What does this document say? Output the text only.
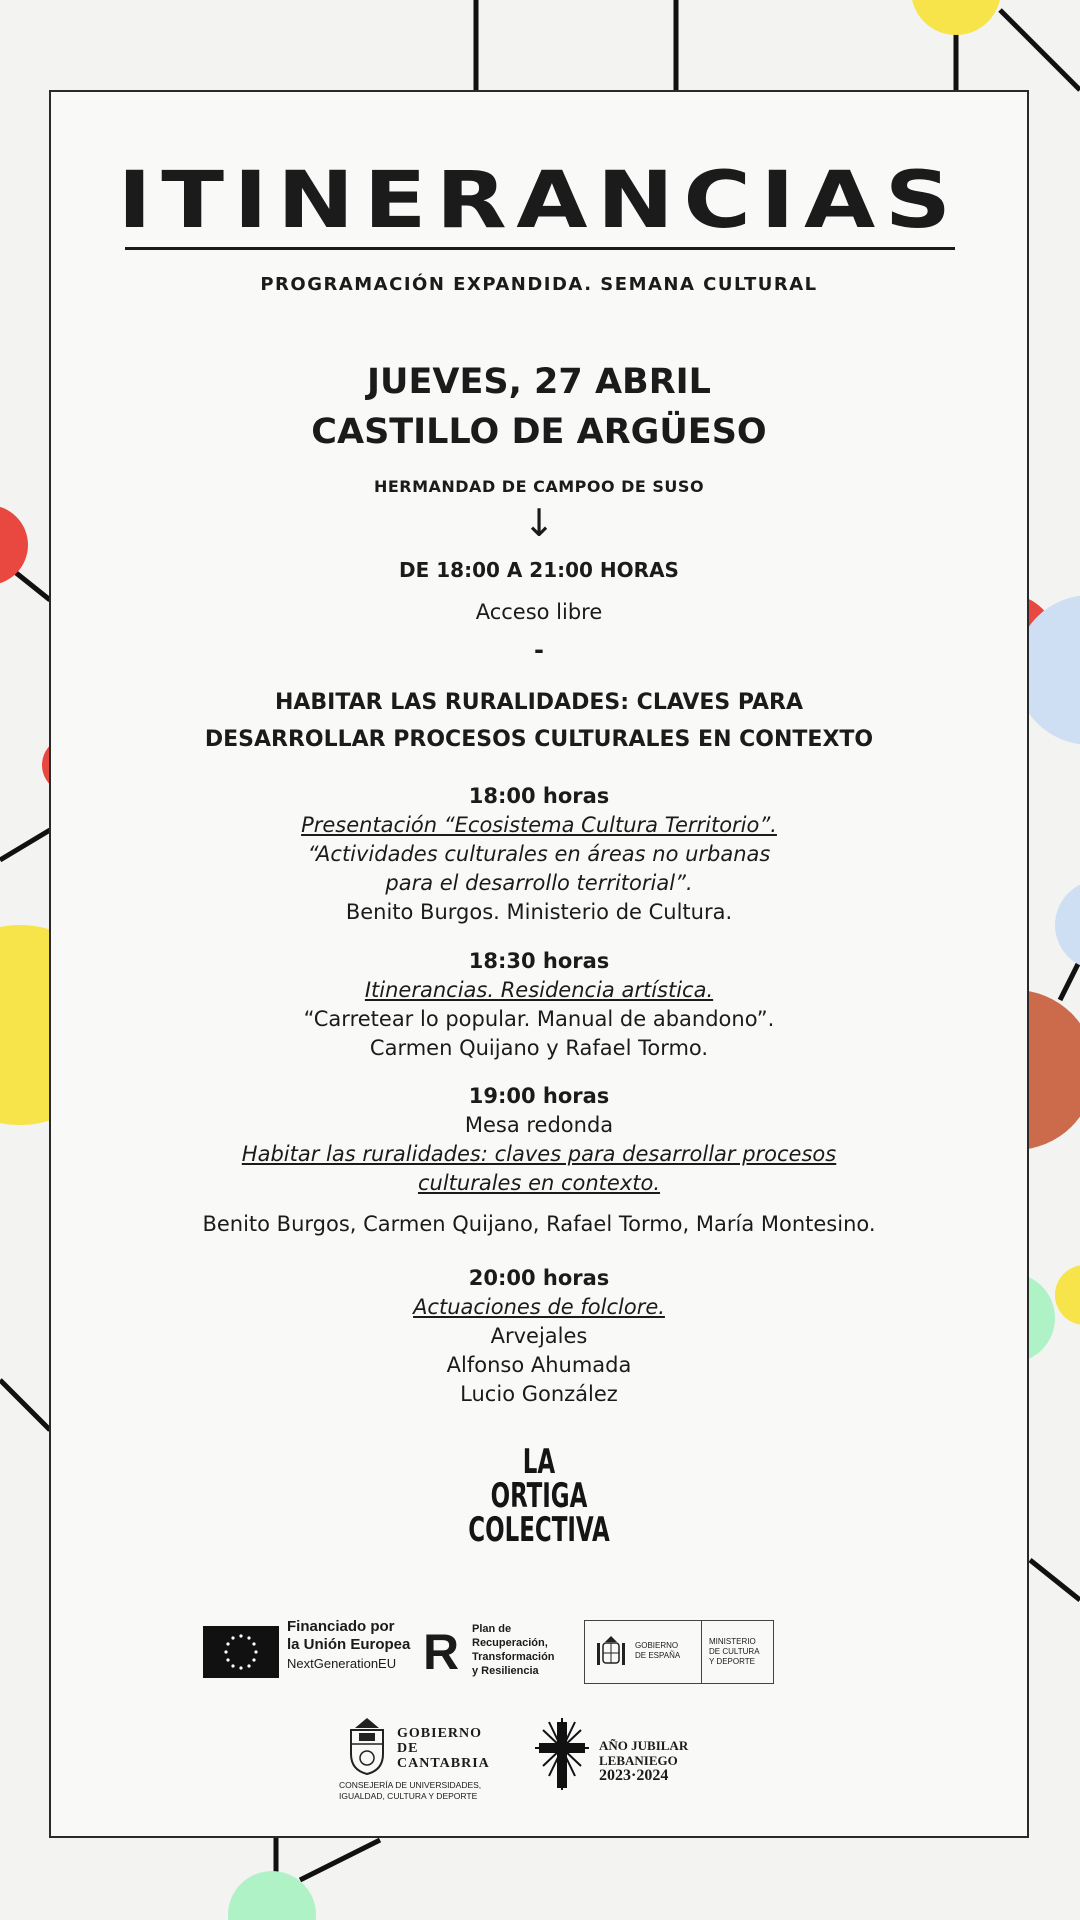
ITINERANCIAS
PROGRAMACIÓN EXPANDIDA. SEMANA CULTURAL
JUEVES, 27 ABRIL
CASTILLO DE ARGÜESO
HERMANDAD DE CAMPOO DE SUSO
↓
DE 18:00 A 21:00 HORAS
Acceso libre
-
HABITAR LAS RURALIDADES: CLAVES PARA
DESARROLLAR PROCESOS CULTURALES EN CONTEXTO
18:00 horas
Presentación “Ecosistema Cultura Territorio”.
“Actividades culturales en áreas no urbanas
para el desarrollo territorial”.
Benito Burgos. Ministerio de Cultura.
18:30 horas
Itinerancias. Residencia artística.
“Carretear lo popular. Manual de abandono”.
Carmen Quijano y Rafael Tormo.
19:00 horas
Mesa redonda
Habitar las ruralidades: claves para desarrollar procesos
culturales en contexto.
Benito Burgos, Carmen Quijano, Rafael Tormo, María Montesino.
20:00 horas
Actuaciones de folclore.
Arvejales
Alfonso Ahumada
Lucio González
LA
ORTIGA
COLECTIVA
Financiado por
la Unión Europea
NextGenerationEU R Plan de
Recuperación,
Transformación
y Resiliencia
GOBIERNO
DE ESPAÑA
MINISTERIO
DE CULTURA
Y DEPORTE
GOBIERNO
DE
CANTABRIA
CONSEJERÍA DE UNIVERSIDADES,
IGUALDAD, CULTURA Y DEPORTE
AÑO JUBILAR
LEBANIEGO
2023·2024
